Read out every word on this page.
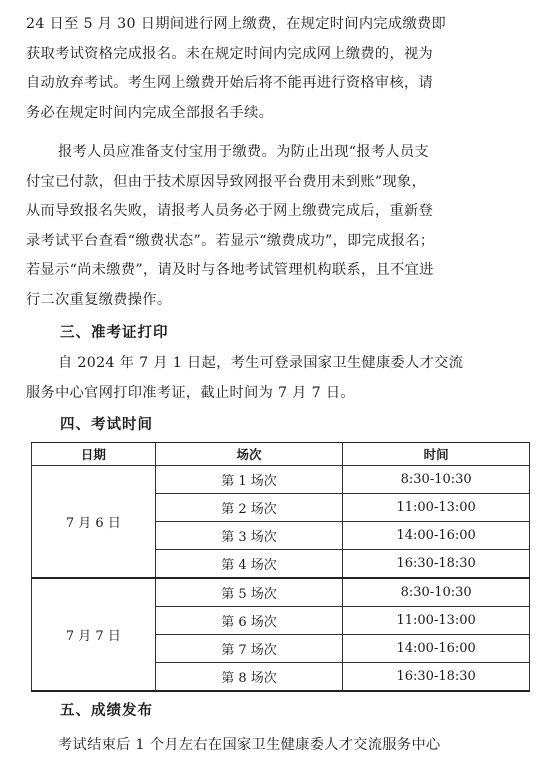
24 日至 5 月 30 日期间进行网上缴费，在规定时间内完成缴费即
获取考试资格完成报名。未在规定时间内完成网上缴费的，视为
自动放弃考试。考生网上缴费开始后将不能再进行资格审核，请
务必在规定时间内完成全部报名手续。
报考人员应准备支付宝用于缴费。为防止出现“报考人员支
付宝已付款，但由于技术原因导致网报平台费用未到账”现象，
从而导致报名失败，请报考人员务必于网上缴费完成后，重新登
录考试平台查看“缴费状态”。若显示“缴费成功”，即完成报名；
若显示“尚未缴费”，请及时与各地考试管理机构联系，且不宜进
行二次重复缴费操作。
三、准考证打印
自 2024 年 7 月 1 日起，考生可登录国家卫生健康委人才交流
服务中心官网打印准考证，截止时间为 7 月 7 日。
四、考试时间
日期	场次	时间
7 月 6 日	第 1 场次	8:30-10:30
	第 2 场次	11:00-13:00
	第 3 场次	14:00-16:00
	第 4 场次	16:30-18:30
7 月 7 日	第 5 场次	8:30-10:30
	第 6 场次	11:00-13:00
	第 7 场次	14:00-16:00
	第 8 场次	16:30-18:30
五、成绩发布
考试结束后 1 个月左右在国家卫生健康委人才交流服务中心
